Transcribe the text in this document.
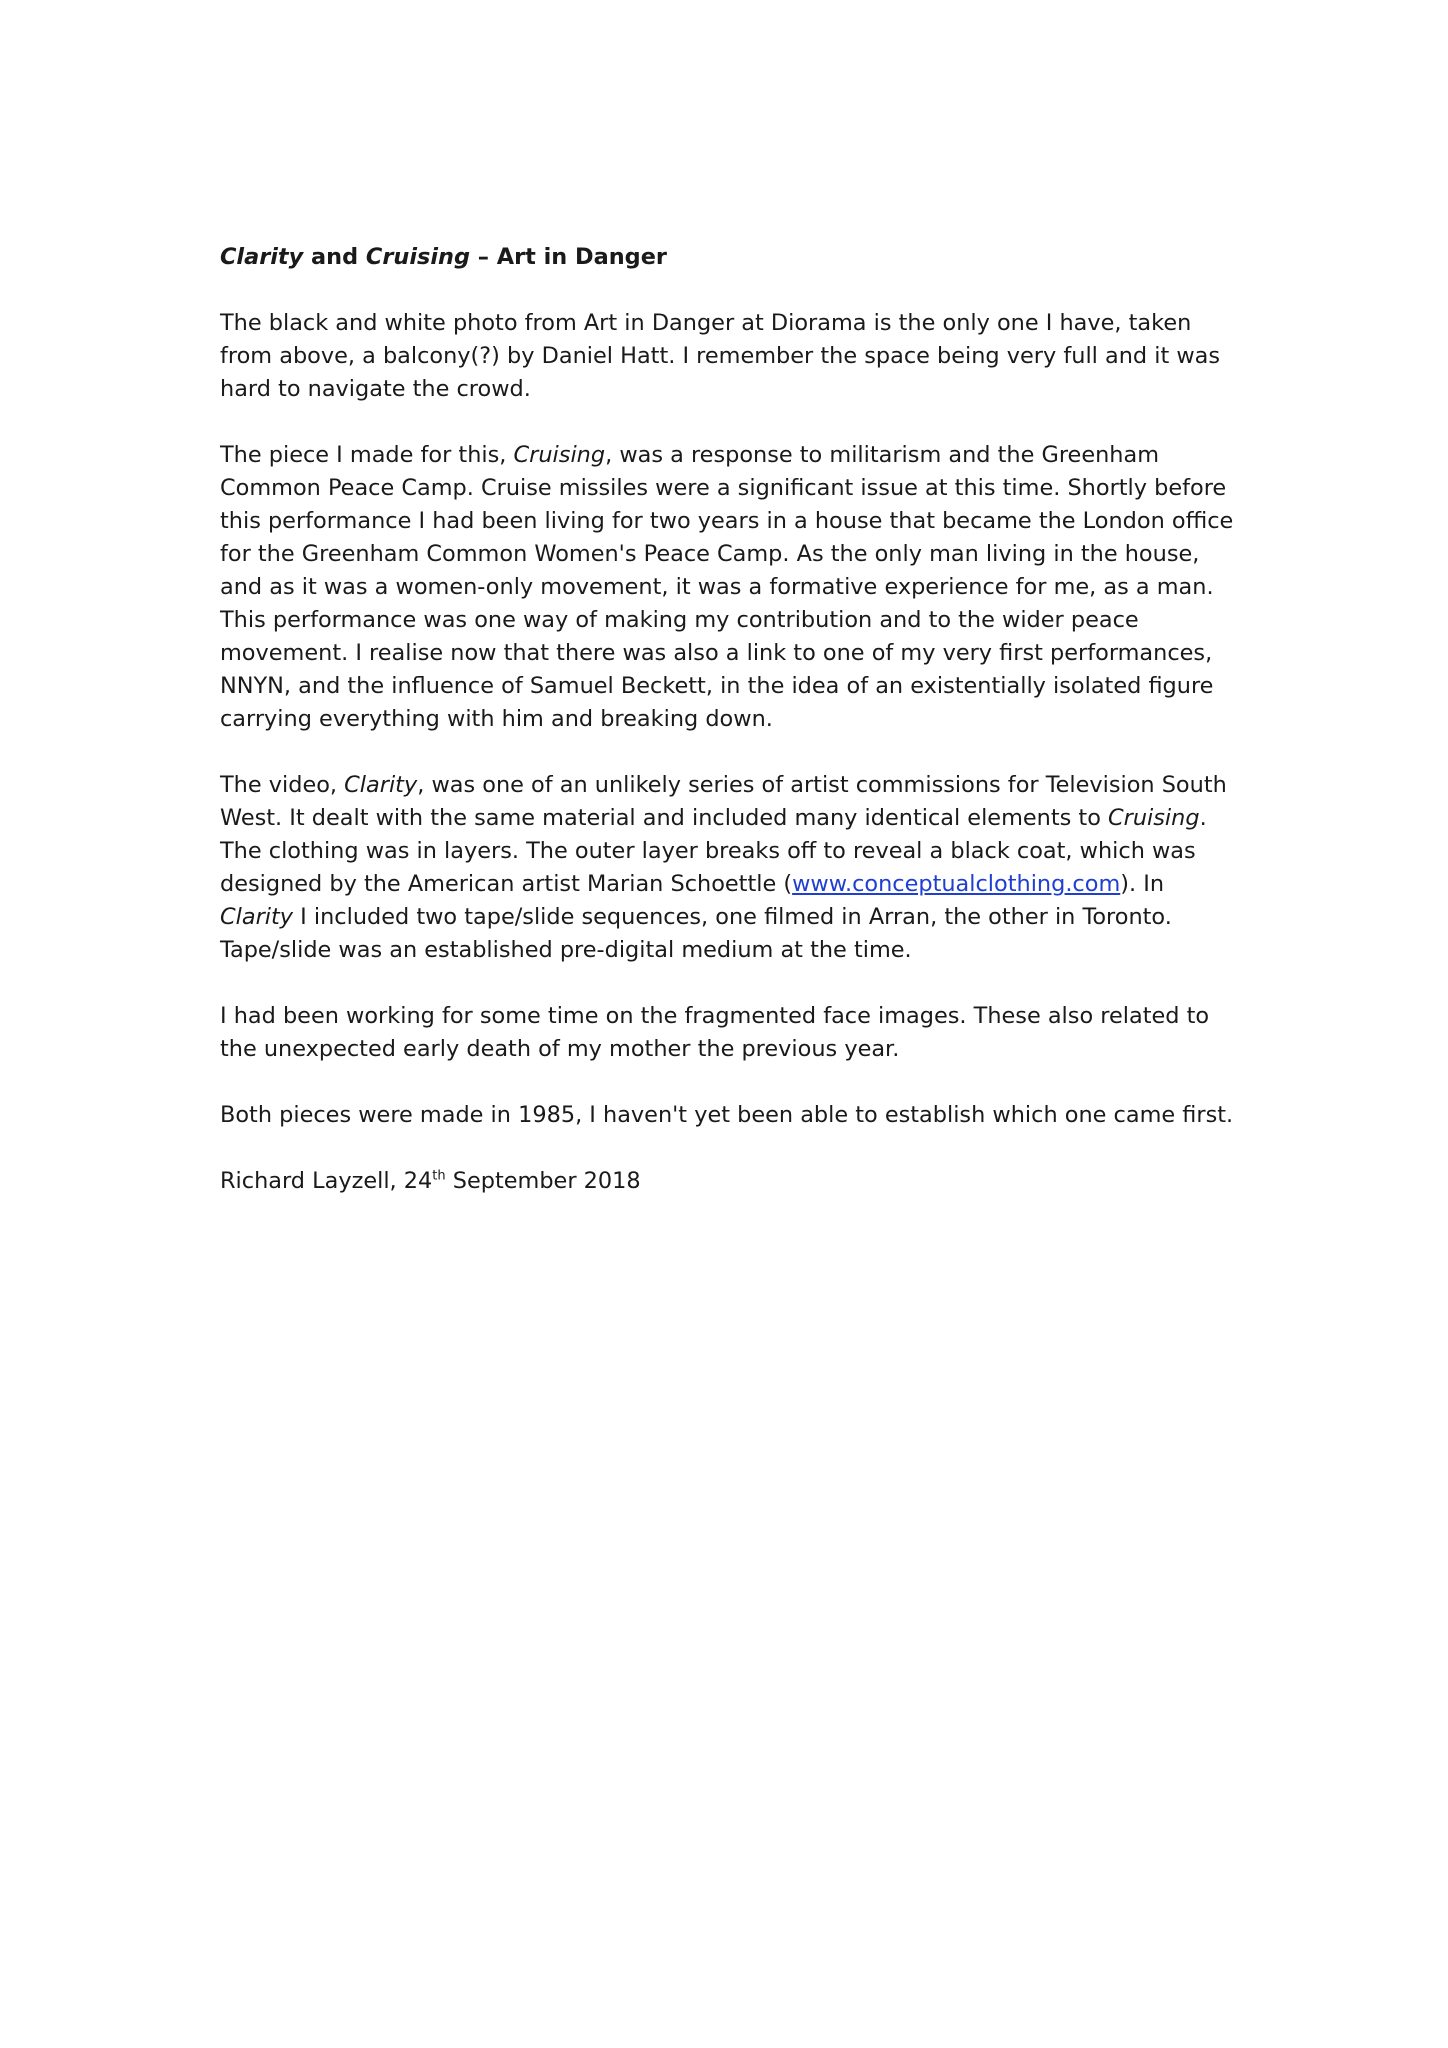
Clarity and Cruising – Art in Danger

The black and white photo from Art in Danger at Diorama is the only one I have, taken from above, a balcony(?) by Daniel Hatt. I remember the space being very full and it was hard to navigate the crowd.

The piece I made for this, Cruising, was a response to militarism and the Greenham Common Peace Camp. Cruise missiles were a significant issue at this time. Shortly before this performance I had been living for two years in a house that became the London office for the Greenham Common Women's Peace Camp. As the only man living in the house, and as it was a women-only movement, it was a formative experience for me, as a man. This performance was one way of making my contribution and to the wider peace movement. I realise now that there was also a link to one of my very first performances, NNYN, and the influence of Samuel Beckett, in the idea of an existentially isolated figure carrying everything with him and breaking down.

The video, Clarity, was one of an unlikely series of artist commissions for Television South West. It dealt with the same material and included many identical elements to Cruising. The clothing was in layers. The outer layer breaks off to reveal a black coat, which was designed by the American artist Marian Schoettle (www.conceptualclothing.com). In Clarity I included two tape/slide sequences, one filmed in Arran, the other in Toronto. Tape/slide was an established pre-digital medium at the time.

I had been working for some time on the fragmented face images. These also related to the unexpected early death of my mother the previous year.

Both pieces were made in 1985, I haven't yet been able to establish which one came first.

Richard Layzell, 24th September 2018
